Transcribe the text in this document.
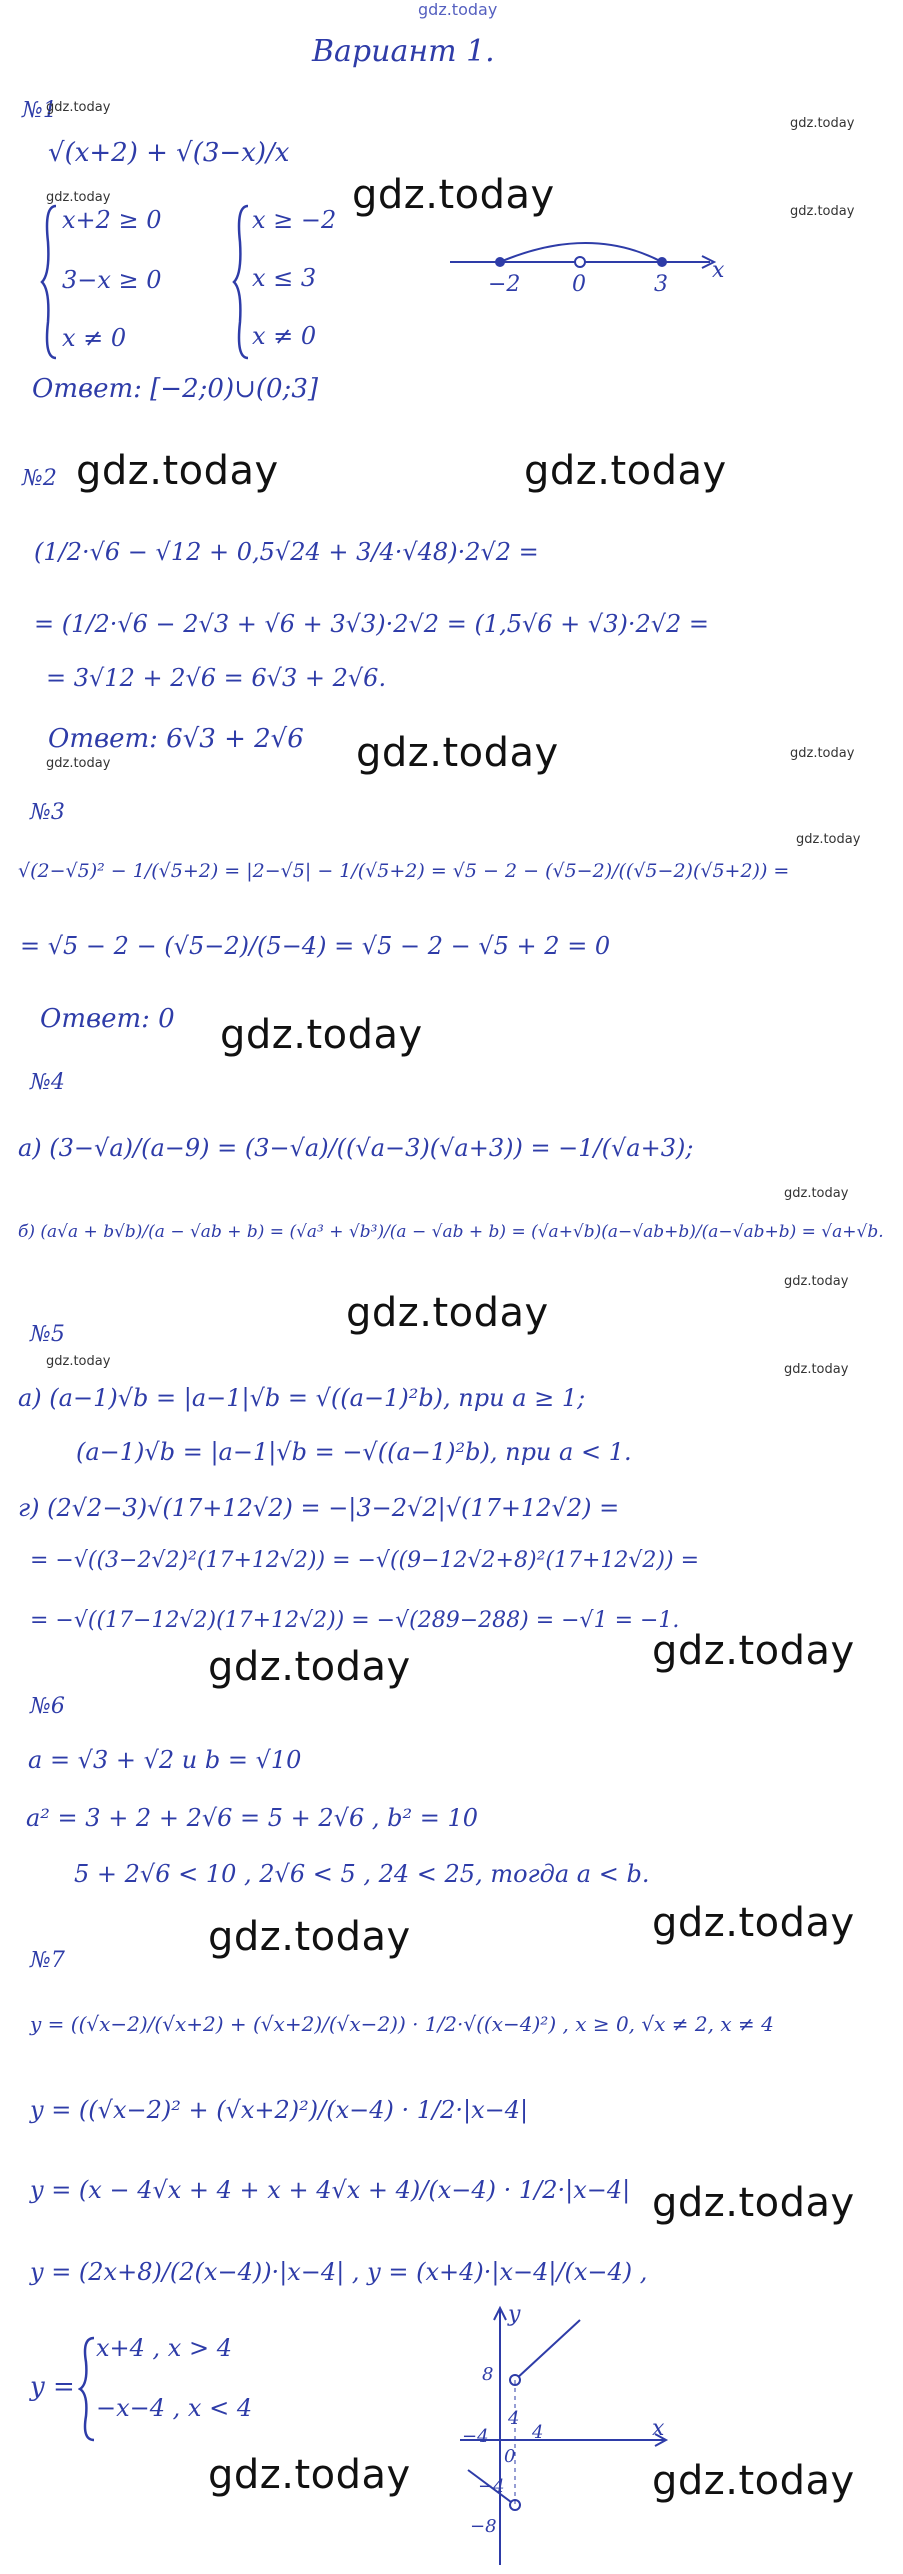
gdz.today
Вариант 1.
№1
√(x+2) + √(3−x)/x
x+2 ≥ 0
3−x ≥ 0
x ≠ 0
x ≥ −2
x ≤ 3
x ≠ 0
−2 0	3
x
Ответ: [−2;0)∪(0;3]
№2
(1/2·√6 − √12 + 0,5√24 + 3/4·√48)·2√2 =
= (1/2·√6 − 2√3 + √6 + 3√3)·2√2 = (1,5√6 + √3)·2√2 =
= 3√12 + 2√6 = 6√3 + 2√6.
Ответ: 6√3 + 2√6
№3
√(2−√5)² − 1/(√5+2) = |2−√5| − 1/(√5+2) = √5 − 2 − (√5−2)/((√5−2)(√5+2)) =
= √5 − 2 − (√5−2)/(5−4) = √5 − 2 − √5 + 2 = 0
Ответ: 0
№4
а) (3−√a)/(a−9) = (3−√a)/((√a−3)(√a+3)) = −1/(√a+3);
б) (a√a + b√b)/(a − √ab + b) = (√a³ + √b³)/(a − √ab + b) = (√a+√b)(a−√ab+b)/(a−√ab+b) = √a+√b.
№5
а) (a−1)√b = |a−1|√b = √((a−1)²b), при a ≥ 1;
(a−1)√b = |a−1|√b = −√((a−1)²b), при a < 1.
г) (2√2−3)√(17+12√2) = −|3−2√2|√(17+12√2) =
= −√((3−2√2)²(17+12√2)) = −√((9−12√2+8)²(17+12√2)) =
= −√((17−12√2)(17+12√2)) = −√(289−288) = −√1 = −1.
№6
a = √3 + √2 и b = √10
a² = 3 + 2 + 2√6 = 5 + 2√6 , b² = 10
5 + 2√6 < 10 , 2√6 < 5 , 24 < 25, тогда a < b.
№7
y = ((√x−2)/(√x+2) + (√x+2)/(√x−2)) · 1/2·√((x−4)²) , x ≥ 0, √x ≠ 2, x ≠ 4
y = ((√x−2)² + (√x+2)²)/(x−4) · 1/2·|x−4|
y = (x − 4√x + 4 + x + 4√x + 4)/(x−4) · 1/2·|x−4|
y = (2x+8)/(2(x−4))·|x−4| , y = (x+4)·|x−4|/(x−4) ,
y =
x+4 , x > 4
−x−4 , x < 4
y
x
8
4
−4
0
4
−4
−8
gdz.today
gdz.today	gdz.today
gdz.today
gdz.today
gdz.today
gdz.today	gdz.today
gdz.today	gdz.today
gdz.today
gdz.today	gdz.today
gdz.today
gdz.today
gdz.today
gdz.today
gdz.today
gdz.today
gdz.today
gdz.today
gdz.today
gdz.today
gdz.today
